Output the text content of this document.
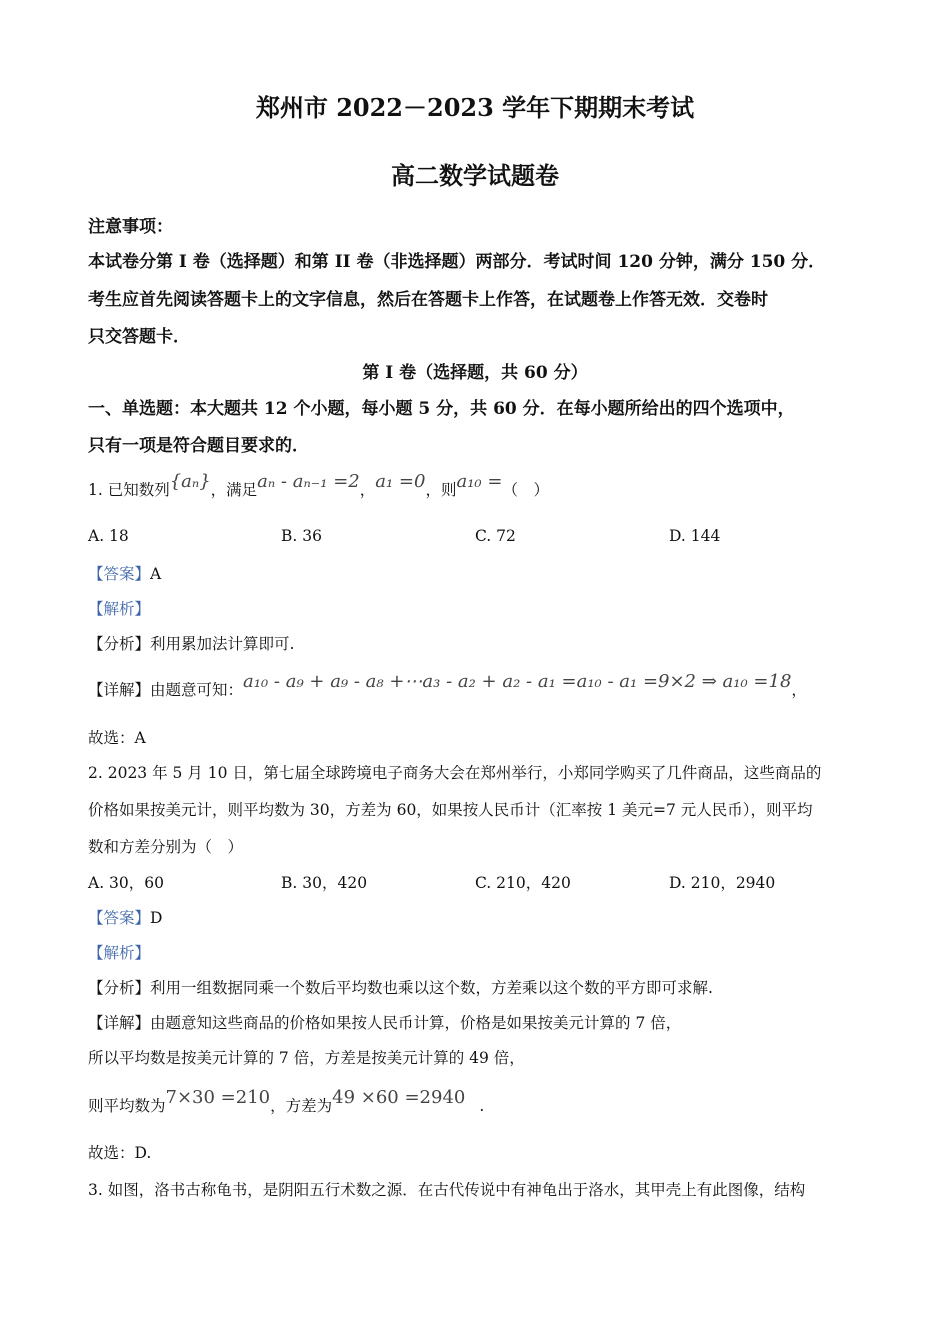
郑州市 2022－2023 学年下期期末考试
高二数学试题卷
注意事项：
本试卷分第 I 卷（选择题）和第 II 卷（非选择题）两部分．考试时间 120 分钟，满分 150 分．
考生应首先阅读答题卡上的文字信息，然后在答题卡上作答，在试题卷上作答无效．交卷时
只交答题卡．
第 I 卷（选择题，共 60 分）
一、单选题：本大题共 12 个小题，每小题 5 分，共 60 分．在每小题所给出的四个选项中，
只有一项是符合题目要求的．
1. 已知数列{aₙ}，满足aₙ - aₙ₋₁ =2，a₁ =0，则a₁₀ =（　）
A. 18	B. 36	C. 72	D. 144
【答案】A
【解析】
【分析】利用累加法计算即可.
【详解】由题意可知：a₁₀ - a₉ + a₉ - a₈ +⋯a₃ - a₂ + a₂ - a₁ =a₁₀ - a₁ =9×2 ⇒ a₁₀ =18，
故选：A
2. 2023 年 5 月 10 日，第七届全球跨境电子商务大会在郑州举行，小郑同学购买了几件商品，这些商品的
价格如果按美元计，则平均数为 30，方差为 60，如果按人民币计（汇率按 1 美元=7 元人民币），则平均
数和方差分别为（　）
A. 30，60	B. 30，420	C. 210，420	D. 210，2940
【答案】D
【解析】
【分析】利用一组数据同乘一个数后平均数也乘以这个数，方差乘以这个数的平方即可求解.
【详解】由题意知这些商品的价格如果按人民币计算，价格是如果按美元计算的 7 倍，
所以平均数是按美元计算的 7 倍，方差是按美元计算的 49 倍，
则平均数为7×30 =210，方差为49 ×60 =2940 .
故选：D.
3. 如图，洛书古称龟书，是阴阳五行术数之源．在古代传说中有神龟出于洛水，其甲壳上有此图像，结构
